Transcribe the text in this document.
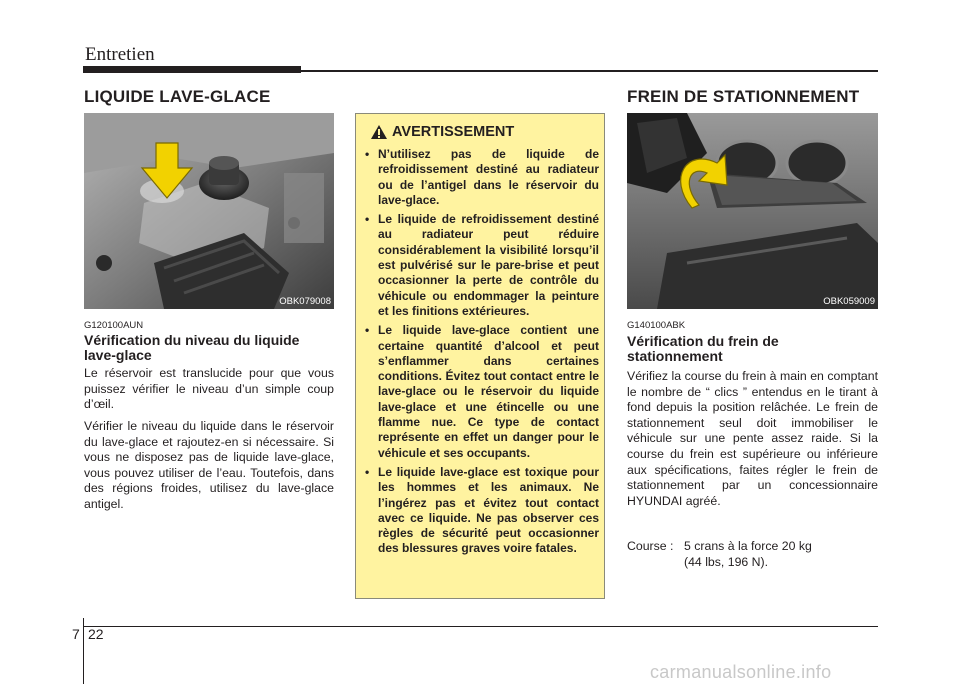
Entretien
LIQUIDE LAVE-GLACE
OBK079008
G120100AUN
Vérification du niveau du liquide lave-glace
Le réservoir est translucide pour que vous puissez vérifier le niveau d’un simple coup d’œil.
Vérifier le niveau du liquide dans le réservoir du lave-glace et rajoutez-en si nécessaire. Si vous ne disposez pas de liquide lave-glace, vous pouvez utiliser de l’eau. Toutefois, dans des régions froides, utilisez du lave-glace antigel.
AVERTISSEMENT
• N’utilisez pas de liquide de refroidissement destiné au radiateur ou de l’antigel dans le réservoir du lave-glace.
• Le liquide de refroidissement destiné au radiateur peut réduire considérablement la visibilité lorsqu’il est pulvérisé sur le pare-brise et peut occasionner la perte de contrôle du véhicule ou endommager la peinture et les finitions extérieures.
• Le liquide lave-glace contient une certaine quantité d’alcool et peut s’enflammer dans certaines conditions. Évitez tout contact entre le lave-glace ou le réservoir du liquide lave-glace et une étincelle ou une flamme nue. Ce type de contact représente en effet un danger pour le véhicule et ses occupants.
• Le liquide lave-glace est toxique pour les hommes et les animaux. Ne l’ingérez pas et évitez tout contact avec ce liquide. Ne pas observer ces règles de sécurité peut occasionner des blessures graves voire fatales.
FREIN DE STATIONNEMENT
OBK059009
G140100ABK
Vérification du frein de stationnement
Vérifiez la course du frein à main en comptant le nombre de “ clics ” entendus en le tirant à fond depuis la position relâchée. Le frein de stationnement seul doit immobiliser le véhicule sur une pente assez raide. Si la course du frein est supérieure ou inférieure aux spécifications, faites régler le frein de stationnement par un concessionnaire HYUNDAI agréé.
Course : 5 crans à la force 20 kg
(44 lbs, 196 N).
7 22
carmanualsonline.info
